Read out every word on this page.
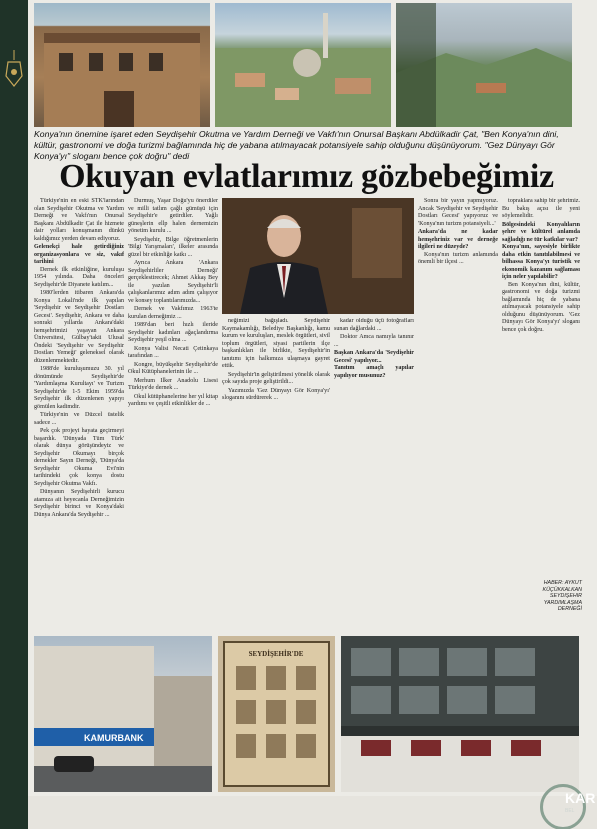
Konya'nın önemine işaret eden Seydişehir Okutma ve Yardım Derneği ve Vakfı'nın Onursal Başkanı Abdülkadir Çat, "Ben Konya'nın dini, kültür, gastronomi ve doğa turizmi bağlamında hiç de yabana atılmayacak potansiyele sahip olduğunu düşünüyorum. "Gez Dünyayı Gör Konya'yı" sloganı bence çok doğru" dedi
Okuyan evlatlarımız gözbebeğimiz

Türkiye'nin en eski STK'larından olan Seydişehir Okutma ve Yardım Derneği ve Vakfı'nın Onursal Başkanı Abdülkadir Çat ile hizmete dair yolları konuşmanın dünkü kaldığımız yerden devam ediyoruz.

Gelenekçi hale getirdiğiniz organizasyonlara ve siz, vakıf tarihini

Dernek ilk etkinliğine, kuruluşu 1954 yılında. Daha önceleri Seydişehir'de Diyanete katılım...

1980'lerden itibaren Ankara'da Konya Lokali'nde ilk yapılan 'Seydişehir ve Seydişehir Dostları Gecesi'. Seydişehir, Ankara ve daha sonraki yıllarda Ankara'daki hemşehrimizi yaşayan Ankara Üniversitesi, Gülbay'takii Ulusal Öndeki 'Seydişehir ve Seydişehir Dostları Yemeği' geleneksel olarak düzenlenmektedir.

1988'de kuruluşumuzu 30. yıl dönümünde Seydişehir'de 'Yardımlaşma Kurultayı' ve Turizm Seydişehir'de 1-5 Ekim 1959'da Seydişehir ilk düzenlenen yapıyı gömülen kadimdir.

Türkiye'nin ve Düzcel üstelik sadece ...

Pek çok projeyi hayata geçirmeyi başardık. 'Dünyada Tüm Türk' olarak dünya görüşündeyiz ve Seydişehir Okumayı birçok dernekler Sayın Derneği, 'Dünya'da Seydişehir Okuma Evi'nin tarihindeki çok konya dostu Seydişehir Okutma Vakfı.

Dünyanın Seydişehirli kurucu atamıza ait heyecanla Derneğimizin Seydişehir birinci ve Konya'daki Dünya Ankara'da Seydişehir ...

Durmuş, Yaşar Doğu'yu önerdiler ve milli tatlım çağlı gümüşü için Seydişehir'e getirdiler. Yağlı güneşlerin ellp halen dernemizin yönetim kurulu ...

Seydişehir, Bilge öğretmenlerin 'Bilgi Yarışmaları', ilkeler arasında güzel bir etkinliğe katkı ...

Ayrıca Ankara 'Ankara Seydişehirliler Derneği' gerçeklestirecek; Ahmet Akkaş Bey ile yazılan Seydişehir'li çalışkanlarımız adım adım çalışıyor ve konsey toplantılarımızda...

Dernek ve Vakfımız 1963'te kurulan derneğimiz ...

1989'dan beri hızlı ileride Seydişehir kadınları ağaçlandırma Seydişehir yeşil olma ...

Konya Valisi Necati Çetinkaya tarafından ...

Kongre, büyükşehir Seydişehir'de Okul Kütüphanelerinin ile ...

Merhum Ilker Anadolu Lisesi Türkiye'de dernek ...

Okul kütüphanelerine her yıl kitap yardımı ve çeşitli etkinlikler de ...

neğimizi bağışladı. Seydişehir Kaymakamlığı, Belediye Başkanlığı, kamu kurum ve kuruluşları, meslek örgütleri, sivil toplum örgütleri, siyasi partilerin ilçe başkanlıkları ile birlikte, Seydişehir'in tanıtımı için halkımıza ulaşmaya gayret ettik.

Seydişehir'in geliştirilmesi yönelik olarak çok sayıda proje geliştirildi...

Yazımızda 'Gez Dünyayı Gör Konya'yı' sloganını sürdürerek ...

kadar olduğu üçü fotoğrafları sunan dağlardaki ...

Doktor Amca namıyla tanınır ...

Başkan Ankara'da 'Seydişehir Gecesi' yapılıyor...
Tanıtım amaçlı yapılar yapılıyor musunuz?

Sonra bir yayın yapmıyoruz. Ancak 'Seydişehir ve Seydişehir Dostları Gecesi' yapıyoruz ve 'Konya'nın turizm potansiyeli...'

Ankara'da ne kadar hemşehriniz var ve derneğe ilgileri ne düzeyde?

Konya'nın turizm anlamında önemli bir ilçesi ...

topraklara sahip bir şehrimiz. Bu bakış açısı ile yeni söylemelidir.

Bölgesindeki Konyalıların şehre ve kültürel anlamda sağladığı ne tür katkılar var?
Konya'nın, sayesiyle birlikte daha etkin tanıtılabilmesi ve bilhassa Konya'yı turistik ve ekonomik kazanım sağlaması için neler yapılabilir?

Ben Konya'nın dini, kültür, gastronomi ve doğa turizmi bağlamında hiç de yabana atılmayacak potansiyele sahip olduğunu düşünüyorum. 'Gez Dünyayı Gör Konya'yı' sloganı bence çok doğru.

HABER: AYKUT KÜÇÜKKALKAN
SEYDIŞEHIR YARDIMLAŞMA
DERNEĞİ
KAMURBANK
SEYDİŞEHİR'DE
KAR
BEL
